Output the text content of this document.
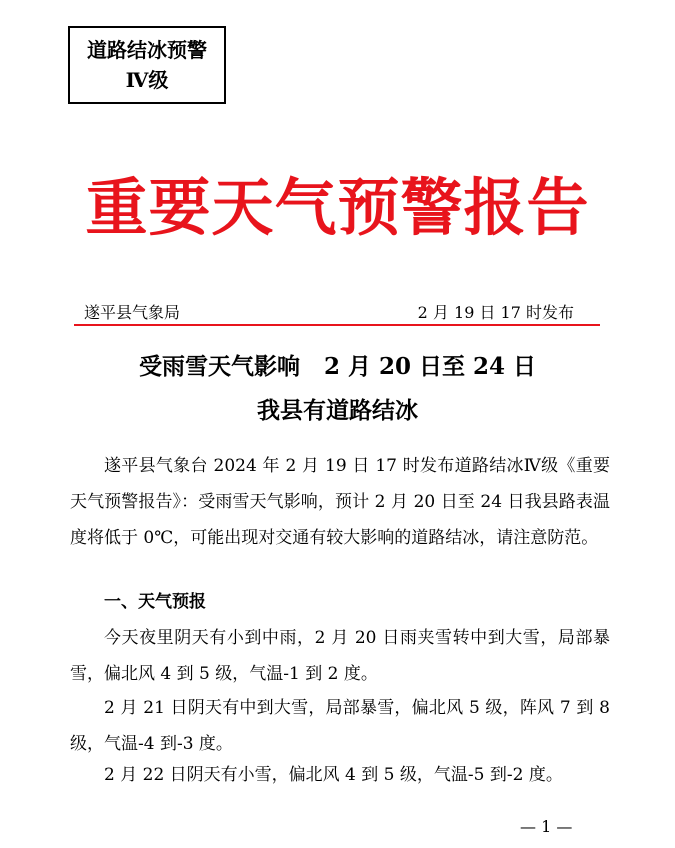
道路结冰预警
Ⅳ级
重要天气预警报告
遂平县气象局	2 月 19 日 17 时发布
受雨雪天气影响   2 月 20 日至 24 日
我县有道路结冰

遂平县气象台 2024 年 2 月 19 日 17 时发布道路结冰Ⅳ级《重要天气预警报告》：受雨雪天气影响，预计 2 月 20 日至 24 日我县路表温度将低于 0℃，可能出现对交通有较大影响的道路结冰，请注意防范。

一、天气预报

今天夜里阴天有小到中雨，2 月 20 日雨夹雪转中到大雪，局部暴雪，偏北风 4 到 5 级，气温-1 到 2 度。

2 月 21 日阴天有中到大雪，局部暴雪，偏北风 5 级，阵风 7 到 8 级，气温-4 到-3 度。

2 月 22 日阴天有小雪，偏北风 4 到 5 级，气温-5 到-2 度。

— 1 —
